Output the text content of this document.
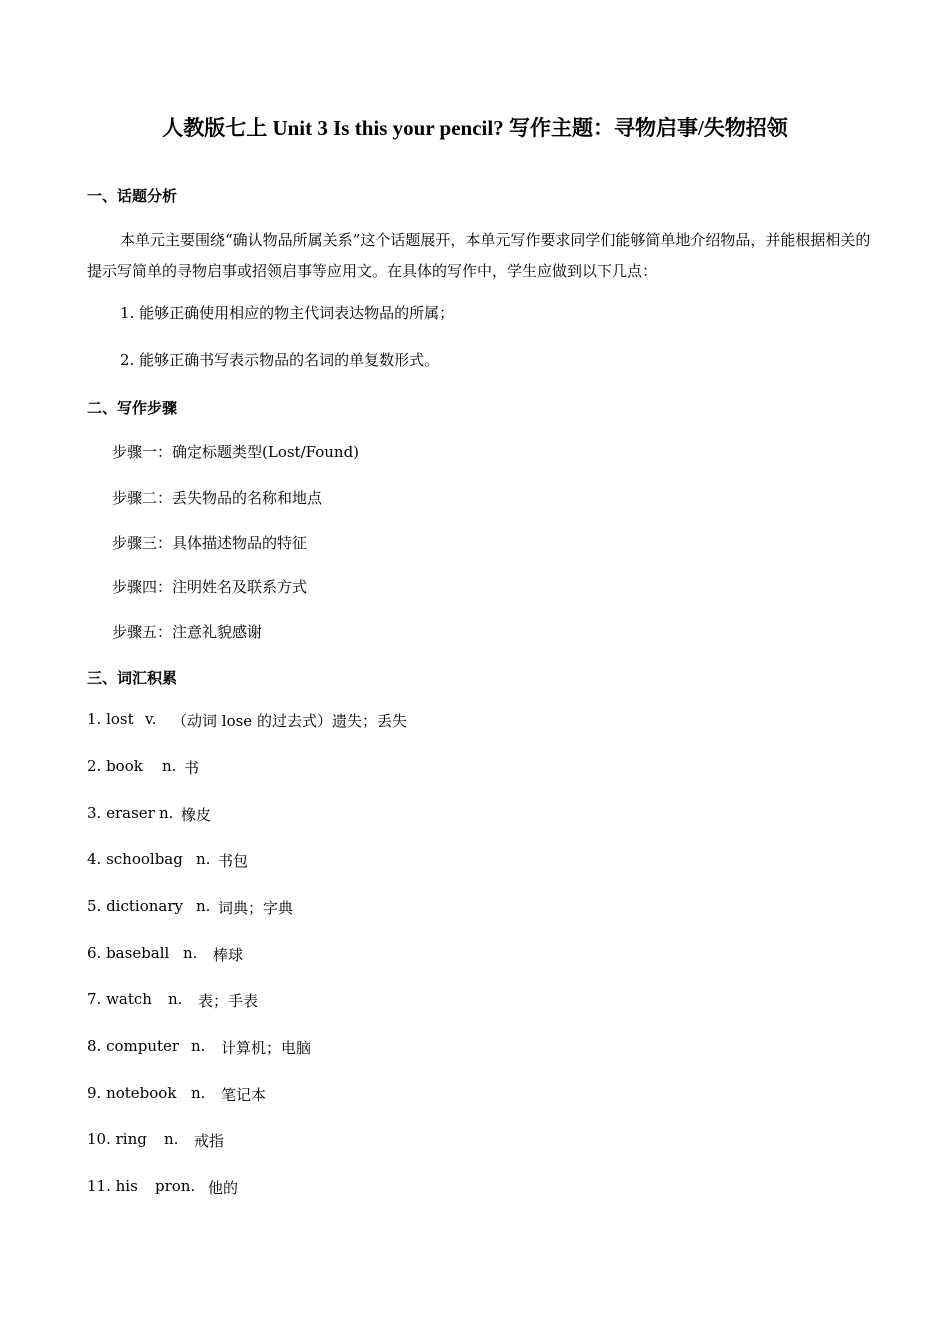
人教版七上 Unit 3 Is this your pencil? 写作主题：寻物启事/失物招领
一、话题分析
本单元主要围绕“确认物品所属关系”这个话题展开，本单元写作要求同学们能够简单地介绍物品，并能根据相关的提示写简单的寻物启事或招领启事等应用文。在具体的写作中，学生应做到以下几点：
1. 能够正确使用相应的物主代词表达物品的所属；
2. 能够正确书写表示物品的名词的单复数形式。
二、写作步骤
步骤一：确定标题类型(Lost/Found)
步骤二：丢失物品的名称和地点
步骤三：具体描述物品的特征
步骤四：注明姓名及联系方式
步骤五：注意礼貌感谢
三、词汇积累
1. lost v. （动词 lose 的过去式）遗失；丢失
2. book n. 书
3. eraser n. 橡皮
4. schoolbag n. 书包
5. dictionary n. 词典；字典
6. baseball n. 棒球
7. watch n. 表；手表
8. computer n. 计算机；电脑
9. notebook n. 笔记本
10. ring n. 戒指
11. his pron. 他的
